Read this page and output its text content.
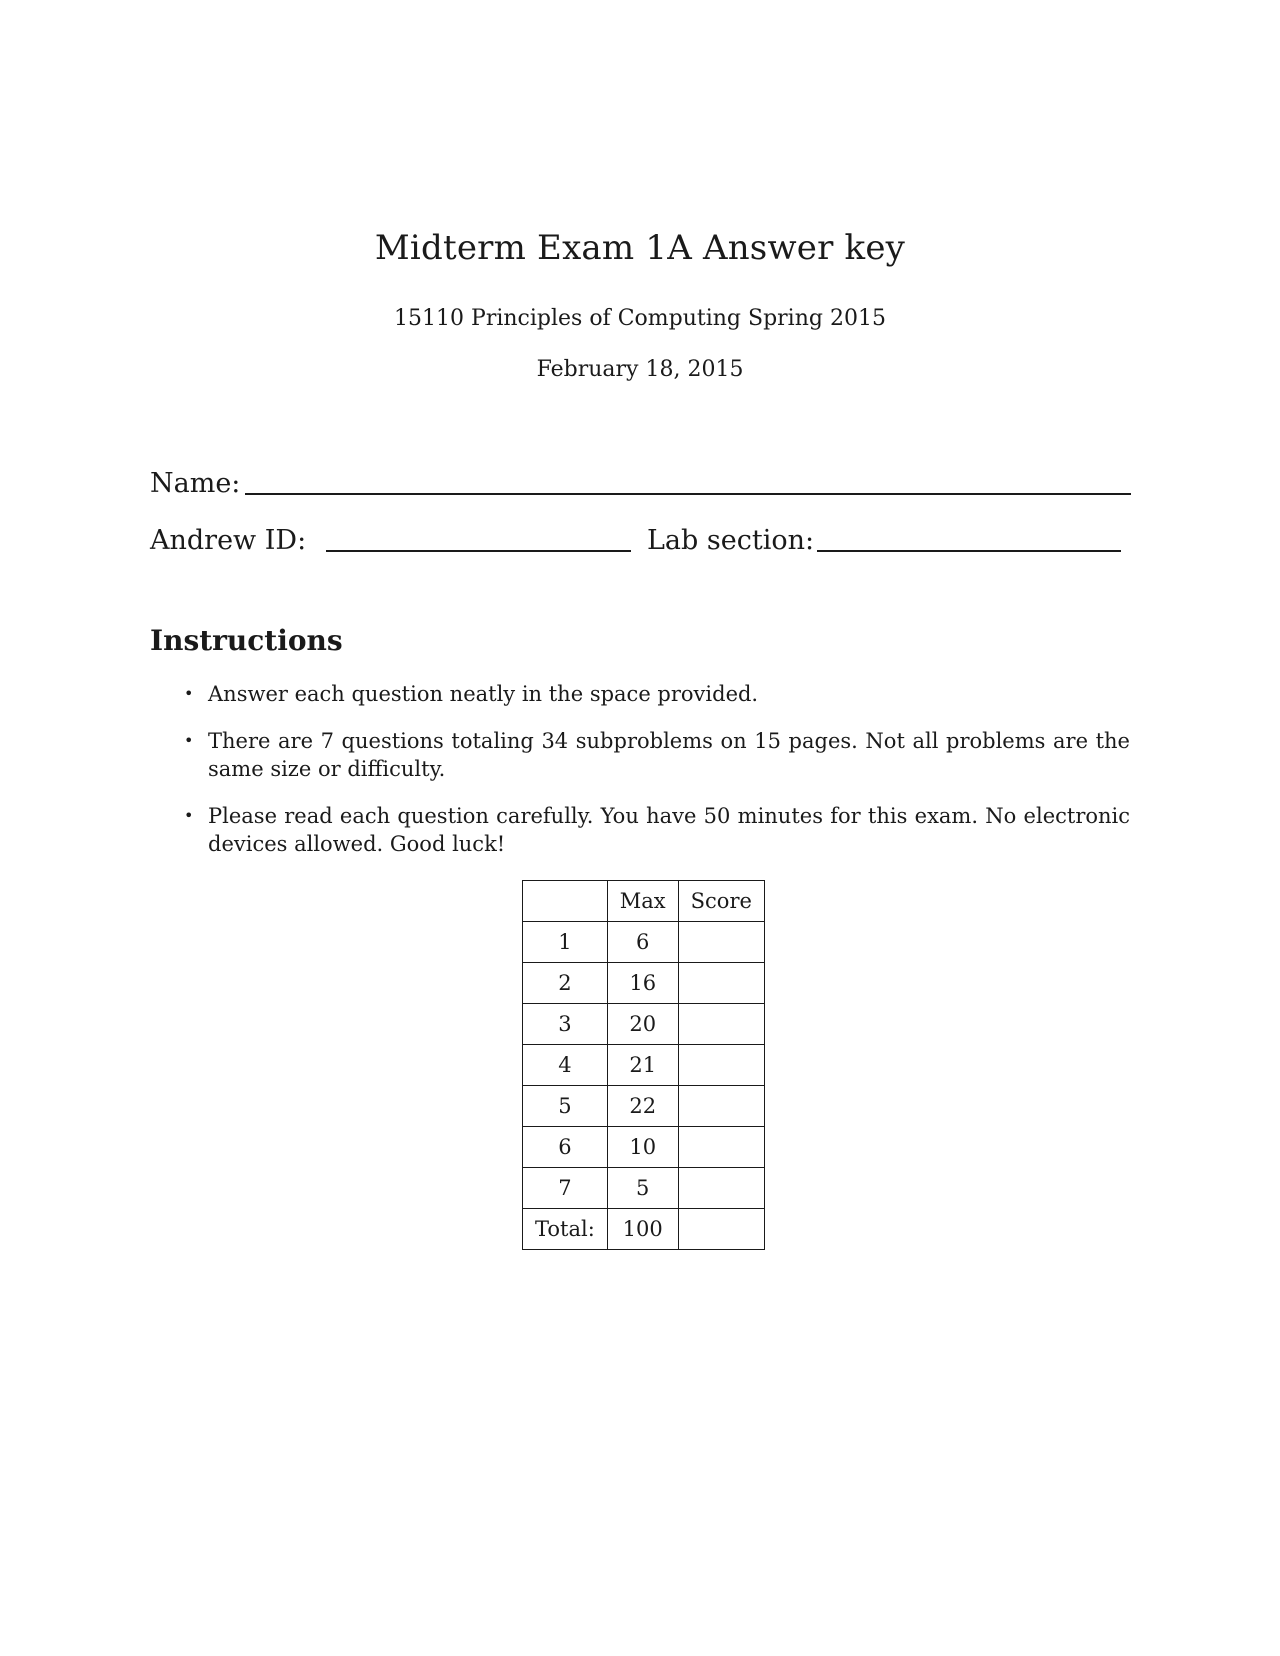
Midterm Exam 1A Answer key
15110 Principles of Computing Spring 2015
February 18, 2015
Name:
Andrew ID:	Lab section:
Instructions
• Answer each question neatly in the space provided.
• There are 7 questions totaling 34 subproblems on 15 pages. Not all problems are the same size or difficulty.
• Please read each question carefully. You have 50 minutes for this exam. No electronic devices allowed. Good luck!
	Max	Score
1	6	
2	16	
3	20	
4	21	
5	22	
6	10	
7	5	
Total:	100	
